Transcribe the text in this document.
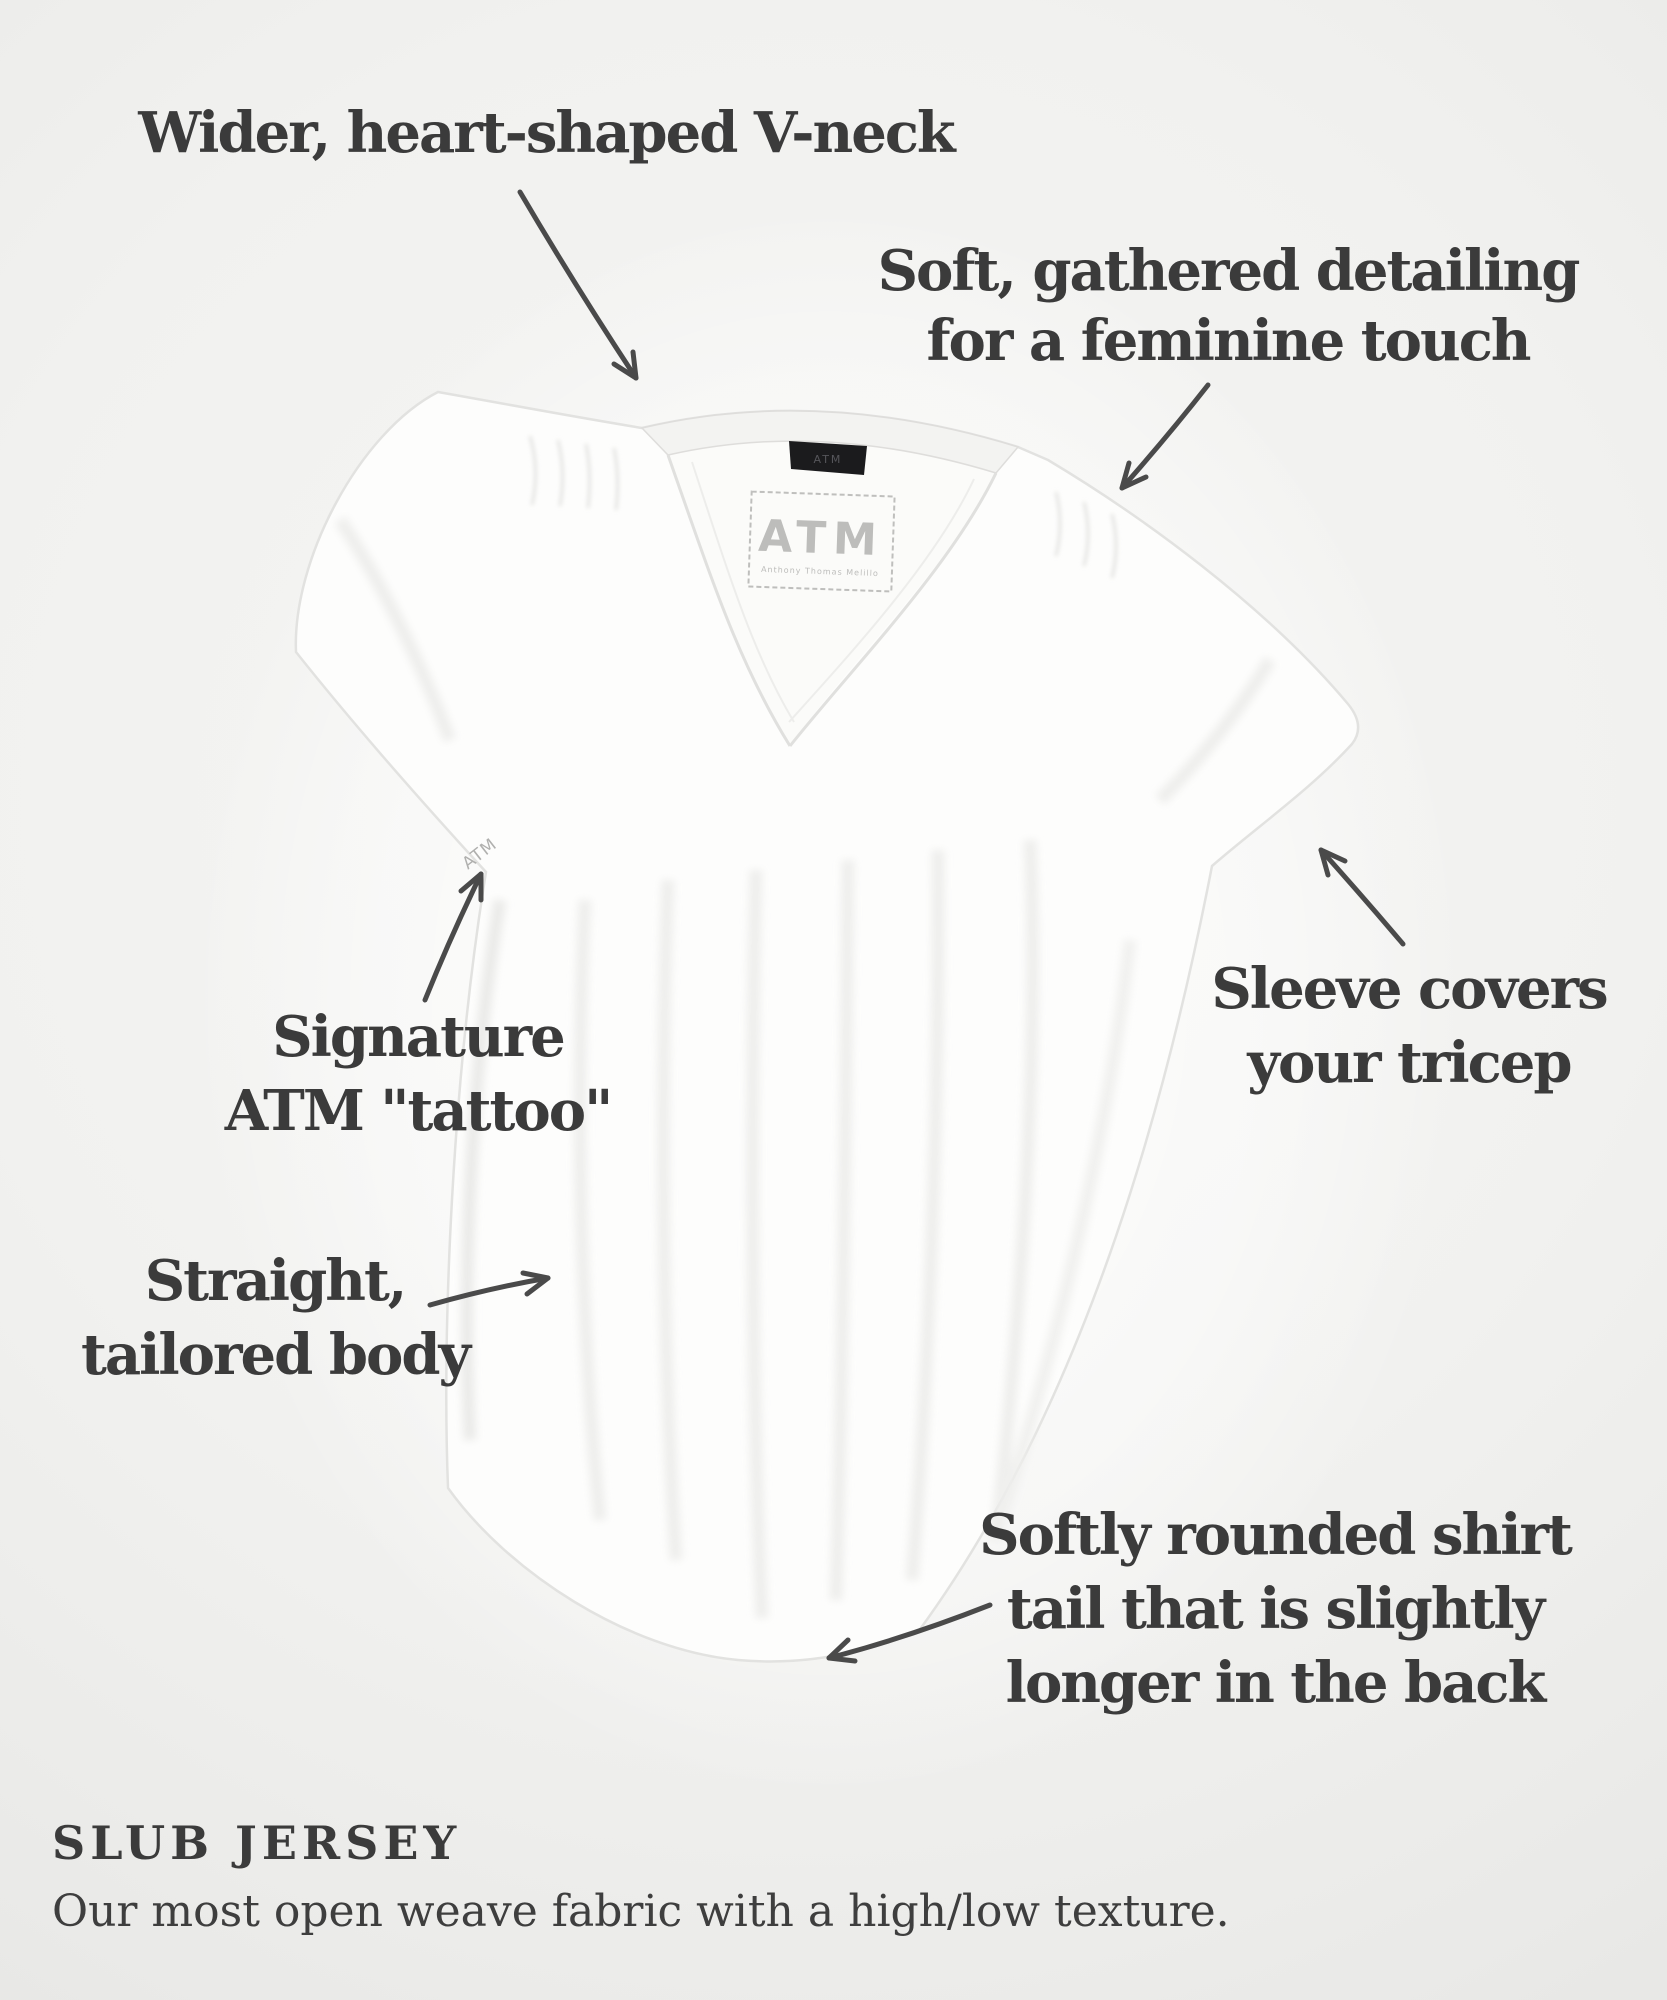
ATM
ATM
Anthony Thomas Melillo
ATM
Wider, heart-shaped V-neck
Soft, gathered detailing
for a feminine touch
Signature
ATM "tattoo"
Sleeve covers
your tricep
Straight,
tailored body
Softly rounded shirt
tail that is slightly
longer in the back
SLUB JERSEY
Our most open weave fabric with a high/low texture.
